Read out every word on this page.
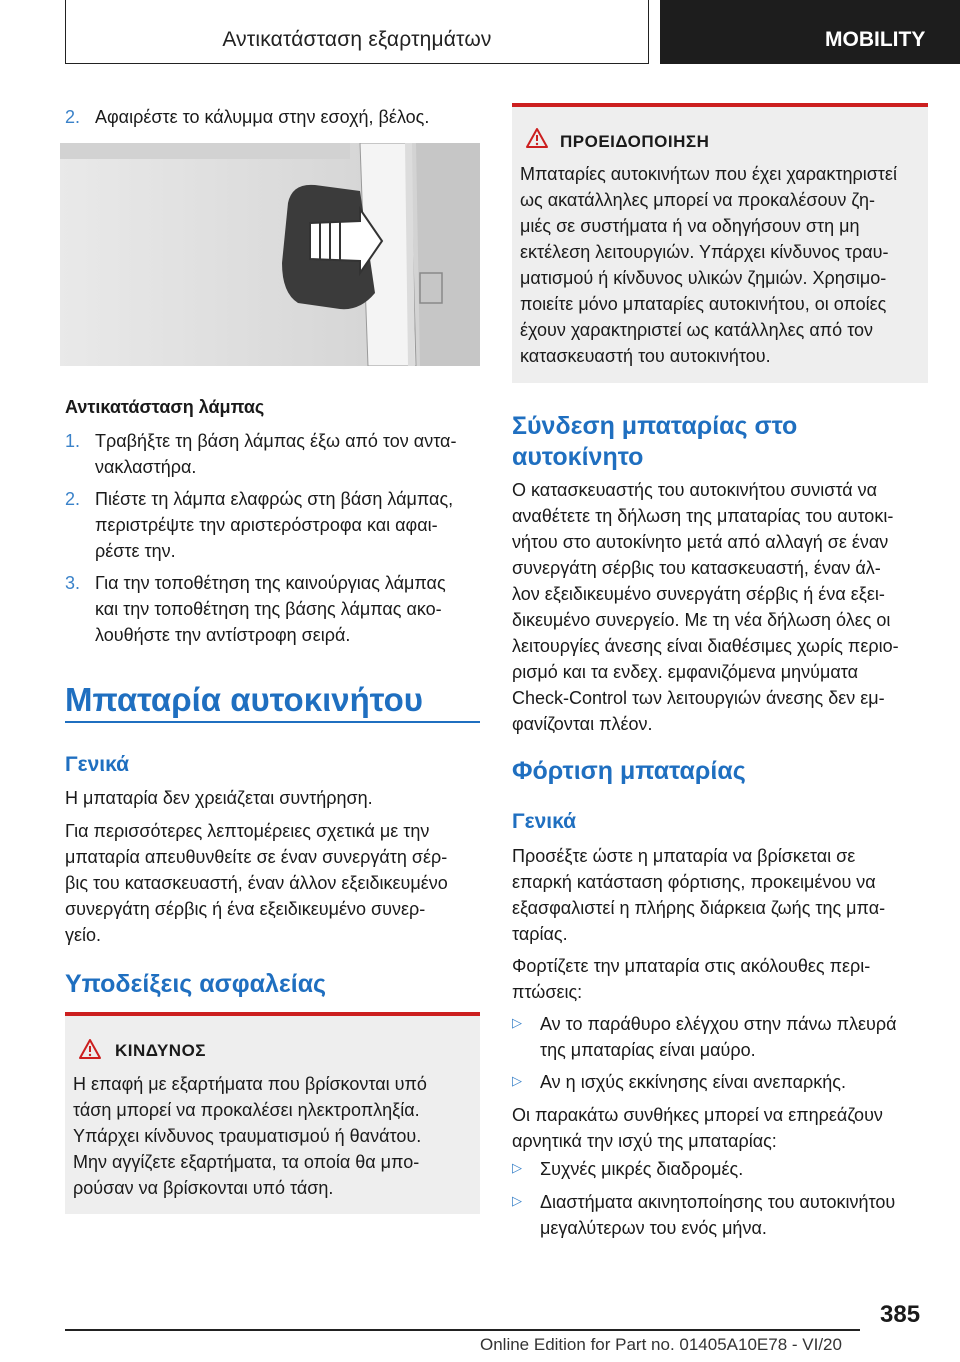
Αντικατάσταση εξαρτημάτων	MOBILITY
2. Αφαιρέστε το κάλυμμα στην εσοχή, βέλος.
Αντικατάσταση λάμπας
1. Τραβήξτε τη βάση λάμπας έξω από τον αντα-
νακλαστήρα.
2. Πιέστε τη λάμπα ελαφρώς στη βάση λάμπας,
περιστρέψτε την αριστερόστροφα και αφαι-
ρέστε την.
3. Για την τοποθέτηση της καινούργιας λάμπας
και την τοποθέτηση της βάσης λάμπας ακο-
λουθήστε την αντίστροφη σειρά.
Μπαταρία αυτοκινήτου
Γενικά
Η μπαταρία δεν χρειάζεται συντήρηση.
Για περισσότερες λεπτομέρειες σχετικά με την
μπαταρία απευθυνθείτε σε έναν συνεργάτη σέρ-
βις του κατασκευαστή, έναν άλλον εξειδικευμένο
συνεργάτη σέρβις ή ένα εξειδικευμένο συνερ-
γείο.
Υποδείξεις ασφαλείας
ΚΙΝΔΥΝΟΣ
Η επαφή με εξαρτήματα που βρίσκονται υπό
τάση μπορεί να προκαλέσει ηλεκτροπληξία.
Υπάρχει κίνδυνος τραυματισμού ή θανάτου.
Μην αγγίζετε εξαρτήματα, τα οποία θα μπο-
ρούσαν να βρίσκονται υπό τάση.
ΠΡΟΕΙΔΟΠΟΙΗΣΗ
Μπαταρίες αυτοκινήτων που έχει χαρακτηριστεί
ως ακατάλληλες μπορεί να προκαλέσουν ζη-
μιές σε συστήματα ή να οδηγήσουν στη μη
εκτέλεση λειτουργιών. Υπάρχει κίνδυνος τραυ-
ματισμού ή κίνδυνος υλικών ζημιών. Χρησιμο-
ποιείτε μόνο μπαταρίες αυτοκινήτου, οι οποίες
έχουν χαρακτηριστεί ως κατάλληλες από τον
κατασκευαστή του αυτοκινήτου.
Σύνδεση μπαταρίας στο
αυτοκίνητο
Ο κατασκευαστής του αυτοκινήτου συνιστά να
αναθέτετε τη δήλωση της μπαταρίας του αυτοκι-
νήτου στο αυτοκίνητο μετά από αλλαγή σε έναν
συνεργάτη σέρβις του κατασκευαστή, έναν άλ-
λον εξειδικευμένο συνεργάτη σέρβις ή ένα εξει-
δικευμένο συνεργείο. Με τη νέα δήλωση όλες οι
λειτουργίες άνεσης είναι διαθέσιμες χωρίς περιο-
ρισμό και τα ενδεχ. εμφανιζόμενα μηνύματα
Check-Control των λειτουργιών άνεσης δεν εμ-
φανίζονται πλέον.
Φόρτιση μπαταρίας
Γενικά
Προσέξτε ώστε η μπαταρία να βρίσκεται σε
επαρκή κατάσταση φόρτισης, προκειμένου να
εξασφαλιστεί η πλήρης διάρκεια ζωής της μπα-
ταρίας.
Φορτίζετε την μπαταρία στις ακόλουθες περι-
πτώσεις:
▷ Αν το παράθυρο ελέγχου στην πάνω πλευρά
της μπαταρίας είναι μαύρο.
▷ Αν η ισχύς εκκίνησης είναι ανεπαρκής.
Οι παρακάτω συνθήκες μπορεί να επηρεάζουν
αρνητικά την ισχύ της μπαταρίας:
▷ Συχνές μικρές διαδρομές.
▷ Διαστήματα ακινητοποίησης του αυτοκινήτου
μεγαλύτερων του ενός μήνα.
385
Online Edition for Part no. 01405A10E78 - VI/20
